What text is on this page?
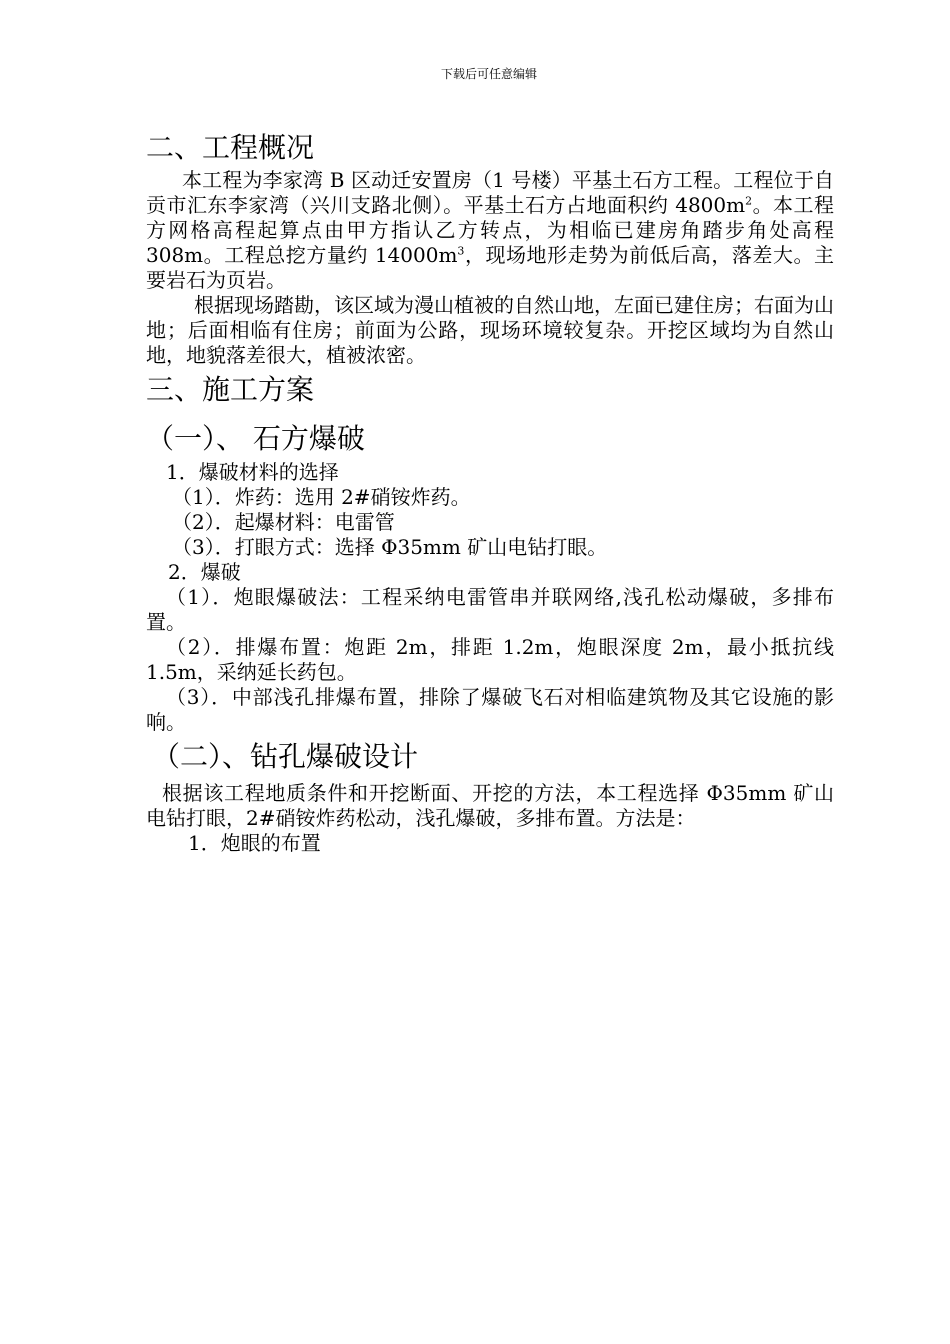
下载后可任意编辑
二、工程概况

本工程为李家湾 B 区动迁安置房（1 号楼）平基土石方工程。工程位于自贡市汇东李家湾（兴川支路北侧）。平基土石方占地面积约 $4800m^2$。本工程方网格高程起算点由甲方指认乙方转点，为相临已建房角踏步角处高程 308m。工程总挖方量约 $14000m^3$，现场地形走势为前低后高，落差大。主要岩石为页岩。

根据现场踏勘，该区域为漫山植被的自然山地，左面已建住房；右面为山地；后面相临有住房；前面为公路，现场环境较复杂。开挖区域均为自然山地，地貌落差很大，植被浓密。

三、施工方案
（一）、 石方爆破

1．爆破材料的选择

（1）．炸药：选用 2#硝铵炸药。

（2）．起爆材料：电雷管

（3）．打眼方式：选择 Φ35mm 矿山电钻打眼。

2．爆破

（1）．炮眼爆破法：工程采纳电雷管串并联网络,浅孔松动爆破，多排布置。

（2）．排爆布置：炮距 2m，排距 1.2m，炮眼深度 2m，最小抵抗线 1.5m，采纳延长药包。

（3）．中部浅孔排爆布置，排除了爆破飞石对相临建筑物及其它设施的影响。

（二）、钻孔爆破设计

根据该工程地质条件和开挖断面、开挖的方法，本工程选择 Φ35mm 矿山电钻打眼，2#硝铵炸药松动，浅孔爆破，多排布置。方法是：

1．炮眼的布置
